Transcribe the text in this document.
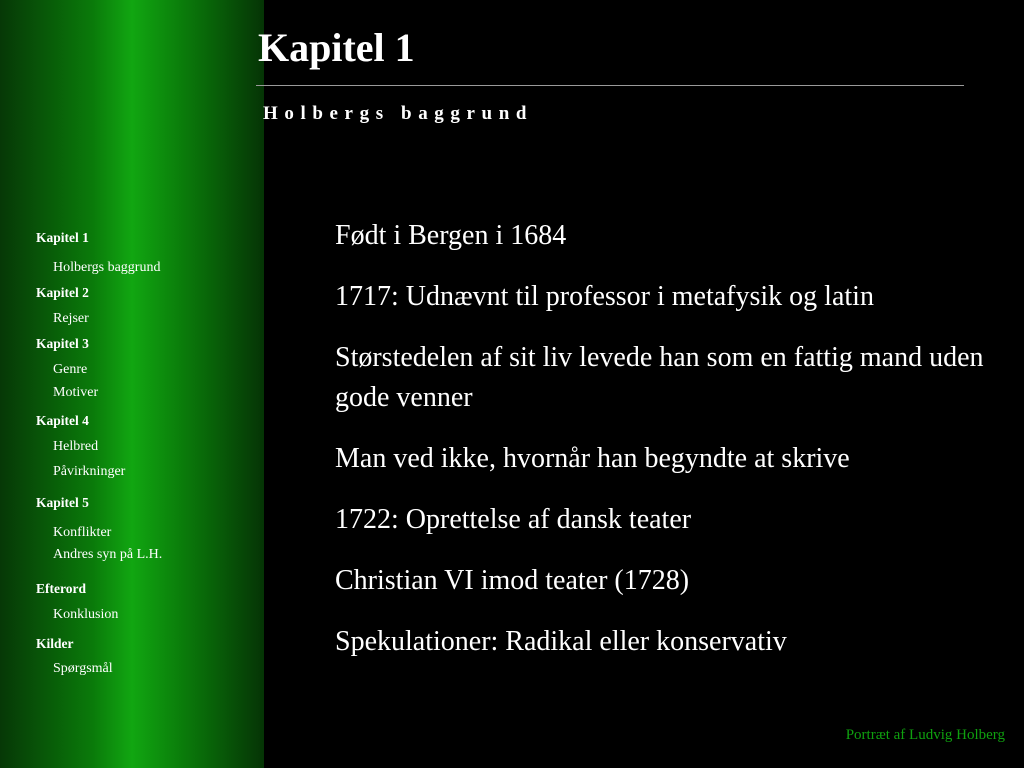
Kapitel 1
Holbergs baggrund
Kapitel 2
Rejser
Kapitel 3
Genre
Motiver
Kapitel 4
Helbred
Påvirkninger
Kapitel 5
Konflikter
Andres syn på L.H.
Efterord
Konklusion
Kilder
Spørgsmål
Kapitel 1
Holbergs baggrund
Født i Bergen i 1684
1717: Udnævnt til professor i metafysik og latin
Størstedelen af sit liv levede han som en fattig mand uden gode venner
Man ved ikke, hvornår han begyndte at skrive
1722: Oprettelse af dansk teater
Christian VI imod teater (1728)
Spekulationer: Radikal eller konservativ
Portræt af Ludvig Holberg
